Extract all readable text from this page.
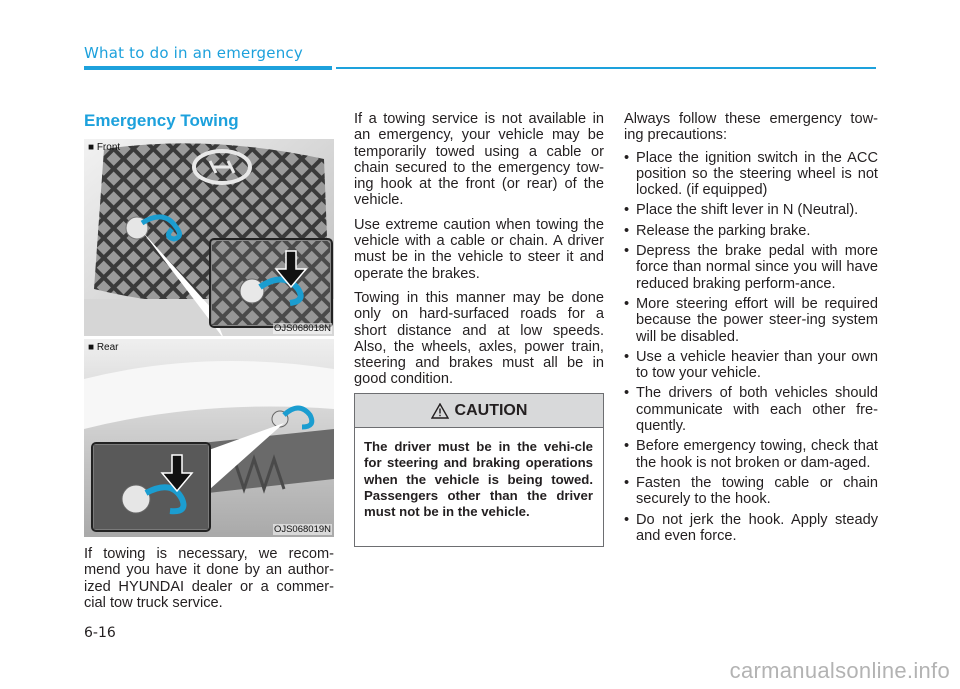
What to do in an emergency
Emergency Towing
■ Front
OJS068018N
■ Rear
OJS068019N

If towing is necessary, we recom-mend you have it done by an author-ized HYUNDAI dealer or a commer-cial tow truck service.

If a towing service is not available in an emergency, your vehicle may be temporarily towed using a cable or chain secured to the emergency tow-ing hook at the front (or rear) of the vehicle.

Use extreme caution when towing the vehicle with a cable or chain. A driver must be in the vehicle to steer it and operate the brakes.

Towing in this manner may be done only on hard-surfaced roads for a short distance and at low speeds. Also, the wheels, axles, power train, steering and brakes must all be in good condition.

CAUTION
The driver must be in the vehi-cle for steering and braking operations when the vehicle is being towed. Passengers other than the driver must not be in the vehicle.

Always follow these emergency tow-ing precautions:

• Place the ignition switch in the ACC position so the steering wheel is not locked. (if equipped)
• Place the shift lever in N (Neutral).
• Release the parking brake.
• Depress the brake pedal with more force than normal since you will have reduced braking perform-ance.
• More steering effort will be required because the power steer-ing system will be disabled.
• Use a vehicle heavier than your own to tow your vehicle.
• The drivers of both vehicles should communicate with each other fre-quently.
• Before emergency towing, check that the hook is not broken or dam-aged.
• Fasten the towing cable or chain securely to the hook.
• Do not jerk the hook. Apply steady and even force.
6-16
carmanualsonline.info
